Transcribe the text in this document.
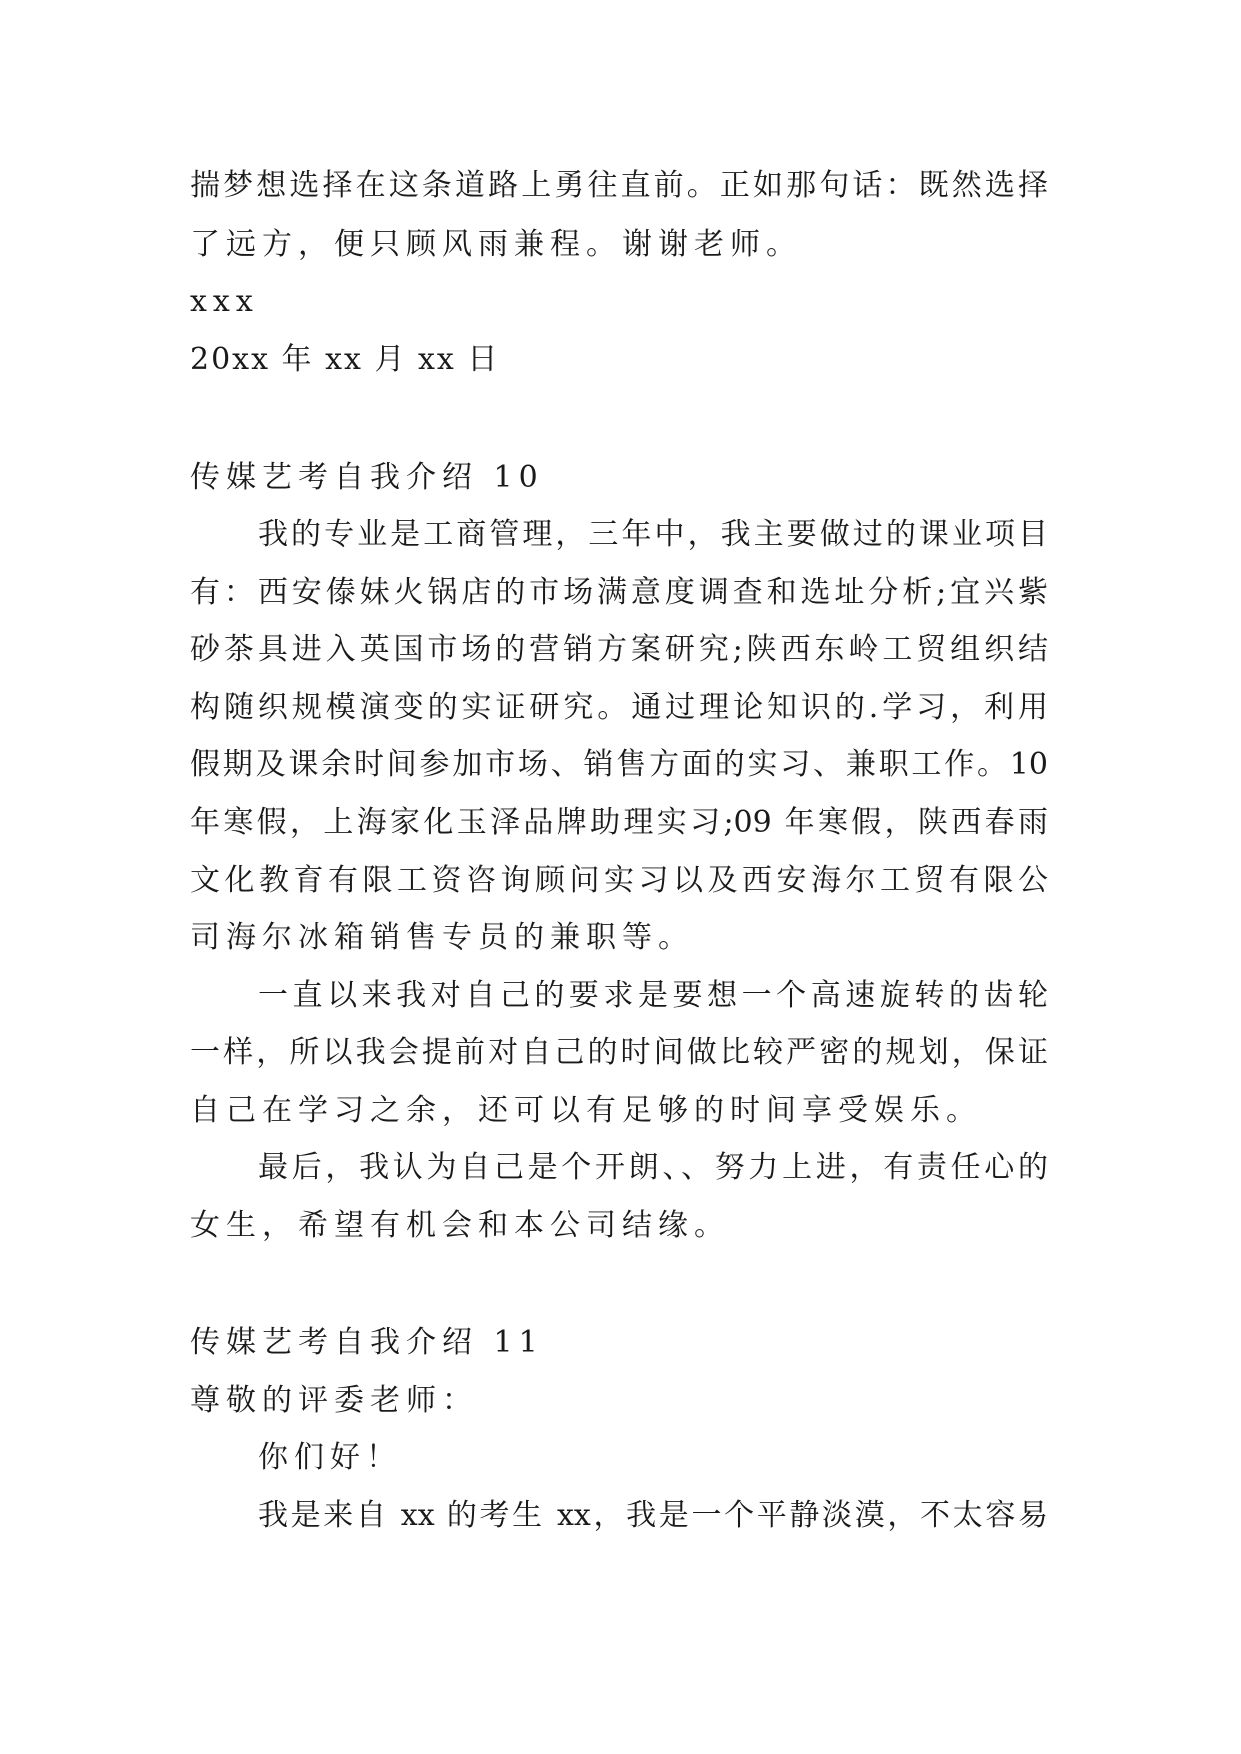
揣梦想选择在这条道路上勇往直前。正如那句话：既然选择
了远方，便只顾风雨兼程。谢谢老师。
xxx
20xx 年 xx 月 xx 日
传媒艺考自我介绍 10
我的专业是工商管理，三年中，我主要做过的课业项目
有：西安傣妹火锅店的市场满意度调查和选址分析;宜兴紫
砂茶具进入英国市场的营销方案研究;陕西东岭工贸组织结
构随织规模演变的实证研究。通过理论知识的.学习，利用
假期及课余时间参加市场、销售方面的实习、兼职工作。10
年寒假，上海家化玉泽品牌助理实习;09 年寒假，陕西春雨
文化教育有限工资咨询顾问实习以及西安海尔工贸有限公
司海尔冰箱销售专员的兼职等。
一直以来我对自己的要求是要想一个高速旋转的齿轮
一样，所以我会提前对自己的时间做比较严密的规划，保证
自己在学习之余，还可以有足够的时间享受娱乐。
最后，我认为自己是个开朗、、努力上进，有责任心的
女生，希望有机会和本公司结缘。
传媒艺考自我介绍 11
尊敬的评委老师：
你们好！
我是来自 xx 的考生 xx，我是一个平静淡漠，不太容易
